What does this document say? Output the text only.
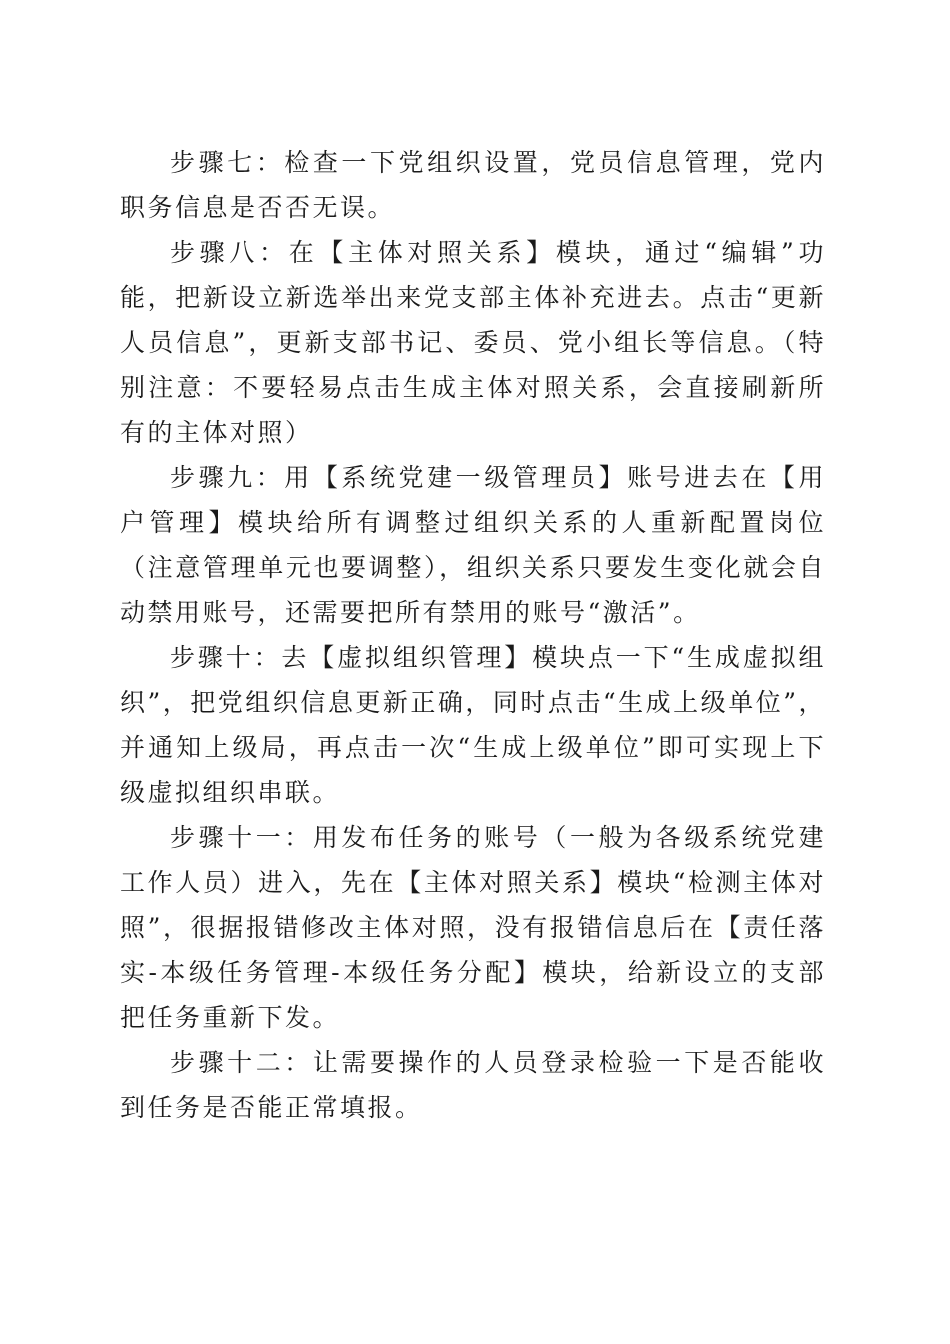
步骤七：检查一下党组织设置，党员信息管理，党内职务信息是否否无误。

步骤八：在【主体对照关系】模块，通过“编辑”功能，把新设立新选举出来党支部主体补充进去。点击“更新人员信息”，更新支部书记、委员、党小组长等信息。（特别注意：不要轻易点击生成主体对照关系，会直接刷新所有的主体对照）

步骤九：用【系统党建一级管理员】账号进去在【用户管理】模块给所有调整过组织关系的人重新配置岗位（注意管理单元也要调整），组织关系只要发生变化就会自动禁用账号，还需要把所有禁用的账号“激活”。

步骤十：去【虚拟组织管理】模块点一下“生成虚拟组织”，把党组织信息更新正确，同时点击“生成上级单位”，并通知上级局，再点击一次“生成上级单位”即可实现上下级虚拟组织串联。

步骤十一：用发布任务的账号（一般为各级系统党建工作人员）进入，先在【主体对照关系】模块“检测主体对照”，很据报错修改主体对照，没有报错信息后在【责任落实-本级任务管理-本级任务分配】模块，给新设立的支部把任务重新下发。

步骤十二：让需要操作的人员登录检验一下是否能收到任务是否能正常填报。
